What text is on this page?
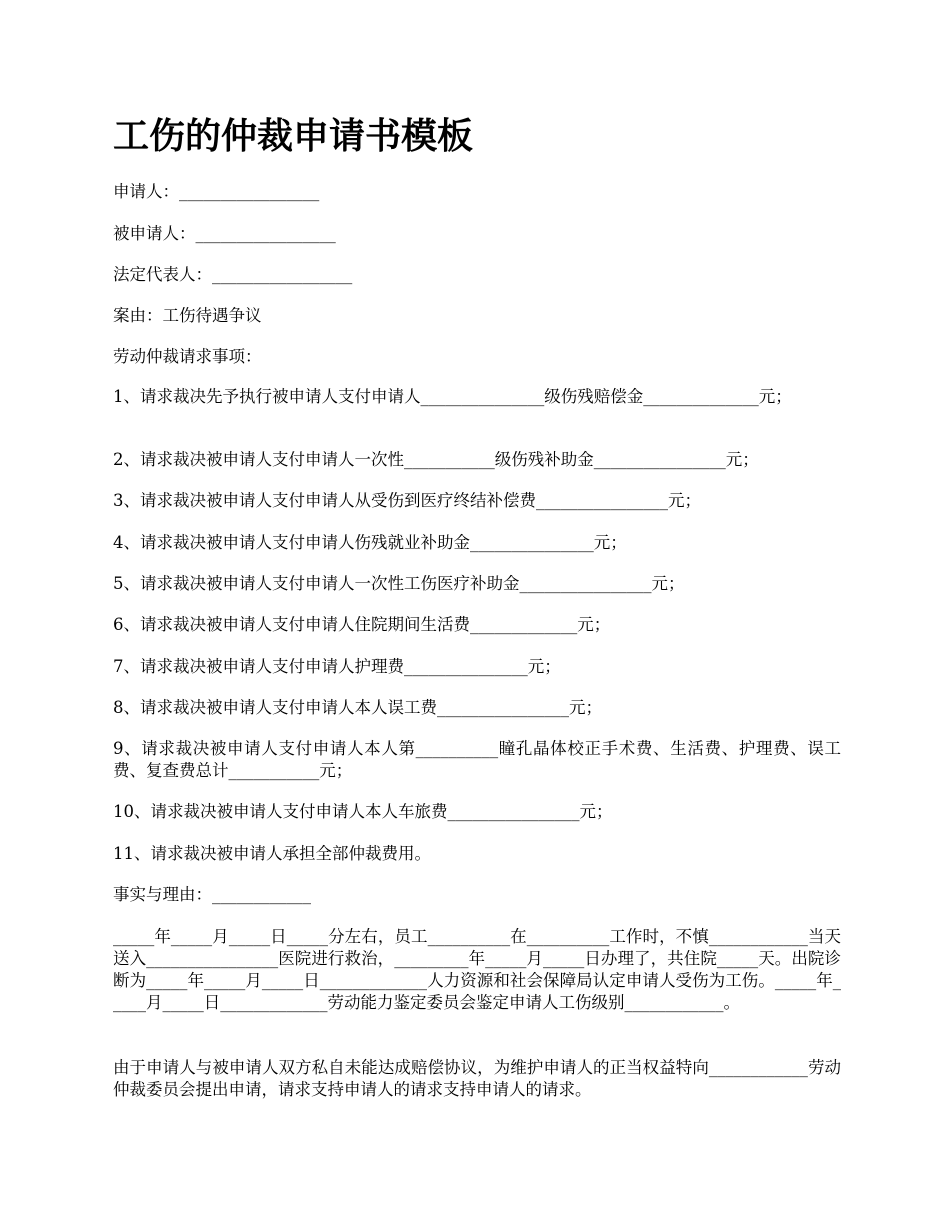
工伤的仲裁申请书模板

申请人：_________________

被申请人：_________________

法定代表人：_________________

案由：工伤待遇争议

劳动仲裁请求事项：

1、请求裁决先予执行被申请人支付申请人_______________级伤残赔偿金______________元；

2、请求裁决被申请人支付申请人一次性___________级伤残补助金________________元；

3、请求裁决被申请人支付申请人从受伤到医疗终结补偿费________________元；

4、请求裁决被申请人支付申请人伤残就业补助金_______________元；

5、请求裁决被申请人支付申请人一次性工伤医疗补助金________________元；

6、请求裁决被申请人支付申请人住院期间生活费_____________元；

7、请求裁决被申请人支付申请人护理费_______________元；

8、请求裁决被申请人支付申请人本人误工费________________元；

9、请求裁决被申请人支付申请人本人第__________瞳孔晶体校正手术费、生活费、护理费、误工费、复查费总计___________元；

10、请求裁决被申请人支付申请人本人车旅费________________元；

11、请求裁决被申请人承担全部仲裁费用。

事实与理由：____________

_____年_____月_____日_____分左右，员工__________在__________工作时，不慎____________当天送入________________医院进行救治，_________年_____月_____日办理了，共住院_____天。出院诊断为_____年_____月_____日_____________人力资源和社会保障局认定申请人受伤为工伤。_____年_____月_____日_____________劳动能力鉴定委员会鉴定申请人工伤级别____________。

由于申请人与被申请人双方私自未能达成赔偿协议，为维护申请人的正当权益特向____________劳动仲裁委员会提出申请，请求支持申请人的请求支持申请人的请求。
